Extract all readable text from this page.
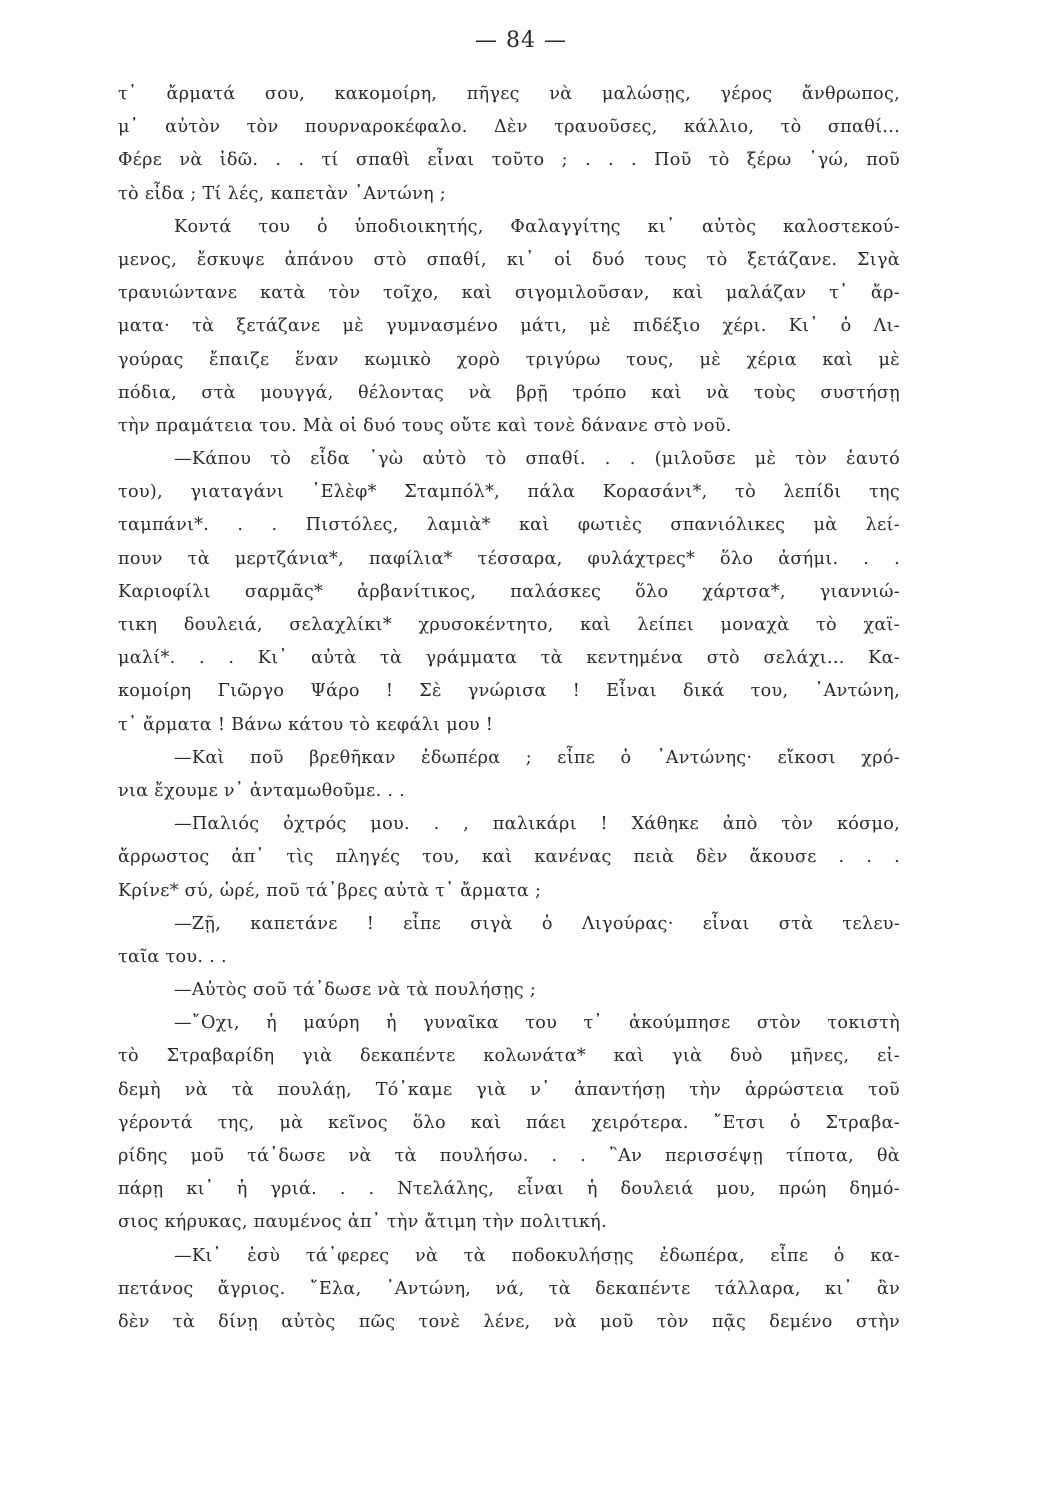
— 84 —
τ᾿ ἄρματά σου, κακομοίρη, πῆγες νὰ μαλώσῃς, γέρος ἄνθρωπος,
μ᾿ αὐτὸν τὸν πουρναροκέφαλο. Δὲν τραυοῦσες, κάλλιο, τὸ σπαθί...
Φέρε νὰ ἰδῶ. . . τί σπαθὶ εἶναι τοῦτο ; . . . Ποῦ τὸ ξέρω ᾿γώ, ποῦ
τὸ εἶδα ; Τί λές, καπετὰν ᾿Αντώνη ;
Κοντά του ὁ ὑποδιοικητής, Φαλαγγίτης κι᾿ αὐτὸς καλοστεκού-
μενος, ἔσκυψε ἀπάνου στὸ σπαθί, κι᾿ οἱ δυό τους τὸ ξετάζανε. Σιγὰ
τραυιώντανε κατὰ τὸν τοῖχο, καὶ σιγομιλοῦσαν, καὶ μαλάζαν τ᾿ ἄρ-
ματα· τὰ ξετάζανε μὲ γυμνασμένο μάτι, μὲ πιδέξιο χέρι. Κι᾿ ὁ Λι-
γούρας ἔπαιζε ἕναν κωμικὸ χορὸ τριγύρω τους, μὲ χέρια καὶ μὲ
πόδια, στὰ μουγγά, θέλοντας νὰ βρῇ τρόπο καὶ νὰ τοὺς συστήσῃ
τὴν πραμάτεια του. Μὰ οἱ δυό τους οὔτε καὶ τονὲ δάνανε στὸ νοῦ.
—Κάπου τὸ εἶδα ᾿γὼ αὐτὸ τὸ σπαθί. . . (μιλοῦσε μὲ τὸν ἑαυτό
του), γιαταγάνι ᾿Ελὲφ* Σταμπόλ*, πάλα Κορασάνι*, τὸ λεπίδι της
ταμπάνι*. . . Πιστόλες, λαμιὰ* καὶ φωτιὲς σπανιόλικες μὰ λεί-
πουν τὰ μερτζάνια*, παφίλια* τέσσαρα, φυλάχτρες* ὅλο ἀσήμι. . .
Καριοφίλι σαρμᾶς* ἀρβανίτικος, παλάσκες ὅλο χάρτσα*, γιαννιώ-
τικη δουλειά, σελαχλίκι* χρυσοκέντητο, καὶ λείπει μοναχὰ τὸ χαϊ-
μαλί*. . . Κι᾿ αὐτὰ τὰ γράμματα τὰ κεντημένα στὸ σελάχι... Κα-
κομοίρη Γιῶργο Ψάρο ! Σὲ γνώρισα ! Εἶναι δικά του, ᾿Αντώνη,
τ᾿ ἄρματα ! Βάνω κάτου τὸ κεφάλι μου !
—Καὶ ποῦ βρεθῆκαν ἐδωπέρα ; εἶπε ὁ ᾿Αντώνης· εἴκοσι χρό-
νια ἔχουμε ν᾿ ἀνταμωθοῦμε. . .
—Παλιός ὀχτρός μου. . , παλικάρι ! Χάθηκε ἀπὸ τὸν κόσμο,
ἄρρωστος ἀπ᾿ τὶς πληγές του, καὶ κανένας πειὰ δὲν ἄκουσε . . .
Κρίνε* σύ, ὡρέ, ποῦ τά᾿βρες αὐτὰ τ᾿ ἄρματα ;
—Ζῇ, καπετάνε ! εἶπε σιγὰ ὁ Λιγούρας· εἶναι στὰ τελευ-
ταῖα του. . .
—Αὐτὸς σοῦ τά᾿δωσε νὰ τὰ πουλήσῃς ;
—῎Οχι, ἡ μαύρη ἡ γυναῖκα του τ᾿ ἀκούμπησε στὸν τοκιστὴ
τὸ Στραβαρίδη γιὰ δεκαπέντε κολωνάτα* καὶ γιὰ δυὸ μῆνες, εἰ-
δεμὴ νὰ τὰ πουλάῃ, Τό᾿καμε γιὰ ν᾿ ἀπαντήσῃ τὴν ἀρρώστεια τοῦ
γέροντά της, μὰ κεῖνος ὅλο καὶ πάει χειρότερα. ῎Ετσι ὁ Στραβα-
ρίδης μοῦ τά᾿δωσε νὰ τὰ πουλήσω. . . ῍Αν περισσέψῃ τίποτα, θὰ
πάρῃ κι᾿ ἡ γριά. . . Ντελάλης, εἶναι ἡ δουλειά μου, πρώη δημό-
σιος κήρυκας, παυμένος ἀπ᾿ τὴν ἄτιμη τὴν πολιτική.
—Κι᾿ ἐσὺ τά᾿φερες νὰ τὰ ποδοκυλήσῃς ἐδωπέρα, εἶπε ὁ κα-
πετάνος ἄγριος. ῎Ελα, ᾿Αντώνη, νά, τὰ δεκαπέντε τάλλαρα, κι᾿ ἂν
δὲν τὰ δίνῃ αὐτὸς πῶς τονὲ λένε, νὰ μοῦ τὸν πᾷς δεμένο στὴν
